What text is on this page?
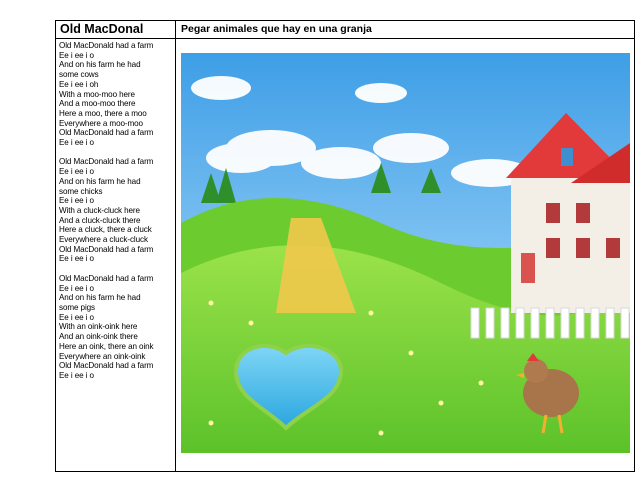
Old MacDonal	Pegar animales que hay en una granja
Old MacDonald had a farm
Ee i ee i o
And on his farm he had
some cows
Ee i ee i oh
With a moo-moo here
And a moo-moo there
Here a moo, there a moo
Everywhere a moo-moo
Old MacDonald had a farm
Ee i ee i o

Old MacDonald had a farm
Ee i ee i o
And on his farm he had
some chicks
Ee i ee i o
With a cluck-cluck here
And a cluck-cluck there
Here a cluck, there a cluck
Everywhere a cluck-cluck
Old MacDonald had a farm
Ee i ee i o

Old MacDonald had a farm
Ee i ee i o
And on his farm he had
some pigs
Ee i ee i o
With an oink-oink here
And an oink-oink there
Here an oink, there an oink
Everywhere an oink-oink
Old MacDonald had a farm
Ee i ee i o
